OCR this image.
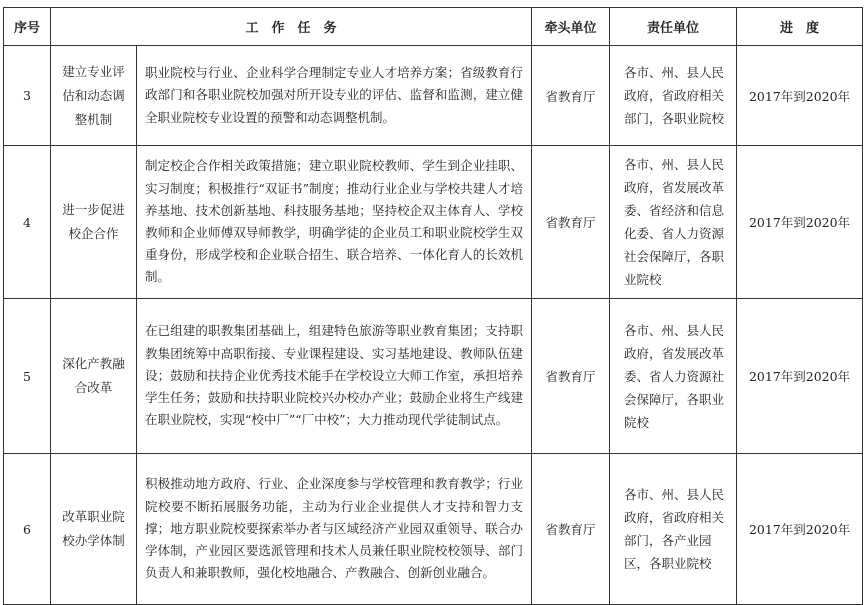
序号	工　作　任　务		牵头单位	责任单位	进　度
3	建立专业评估和动态调整机制	职业院校与行业、企业科学合理制定专业人才培养方案；省级教育行政部门和各职业院校加强对所开设专业的评估、监督和监测，建立健全职业院校专业设置的预警和动态调整机制。	省教育厅	各市、州、县人民政府，省政府相关部门，各职业院校	2017年到2020年
4	进一步促进校企合作	制定校企合作相关政策措施；建立职业院校教师、学生到企业挂职、实习制度；积极推行“双证书”制度；推动行业企业与学校共建人才培养基地、技术创新基地、科技服务基地；坚持校企双主体育人、学校教师和企业师傅双导师教学，明确学徒的企业员工和职业院校学生双重身份，形成学校和企业联合招生、联合培养、一体化育人的长效机制。	省教育厅	各市、州、县人民政府，省发展改革委、省经济和信息化委、省人力资源社会保障厅，各职业院校	2017年到2020年
5	深化产教融合改革	在已组建的职教集团基础上，组建特色旅游等职业教育集团；支持职教集团统筹中高职衔接、专业课程建设、实习基地建设、教师队伍建设；鼓励和扶持企业优秀技术能手在学校设立大师工作室，承担培养学生任务；鼓励和扶持职业院校兴办校办产业；鼓励企业将生产线建在职业院校，实现“校中厂”“厂中校”；大力推动现代学徒制试点。	省教育厅	各市、州、县人民政府，省发展改革委、省人力资源社会保障厅，各职业院校	2017年到2020年
6	改革职业院校办学体制	积极推动地方政府、行业、企业深度参与学校管理和教育教学；行业院校要不断拓展服务功能，主动为行业企业提供人才支持和智力支撑；地方职业院校要探索举办者与区域经济产业园双重领导、联合办学体制，产业园区要选派管理和技术人员兼任职业院校校领导、部门负责人和兼职教师，强化校地融合、产教融合、创新创业融合。	省教育厅	各市、州、县人民政府，省政府相关部门，各产业园区，各职业院校	2017年到2020年
